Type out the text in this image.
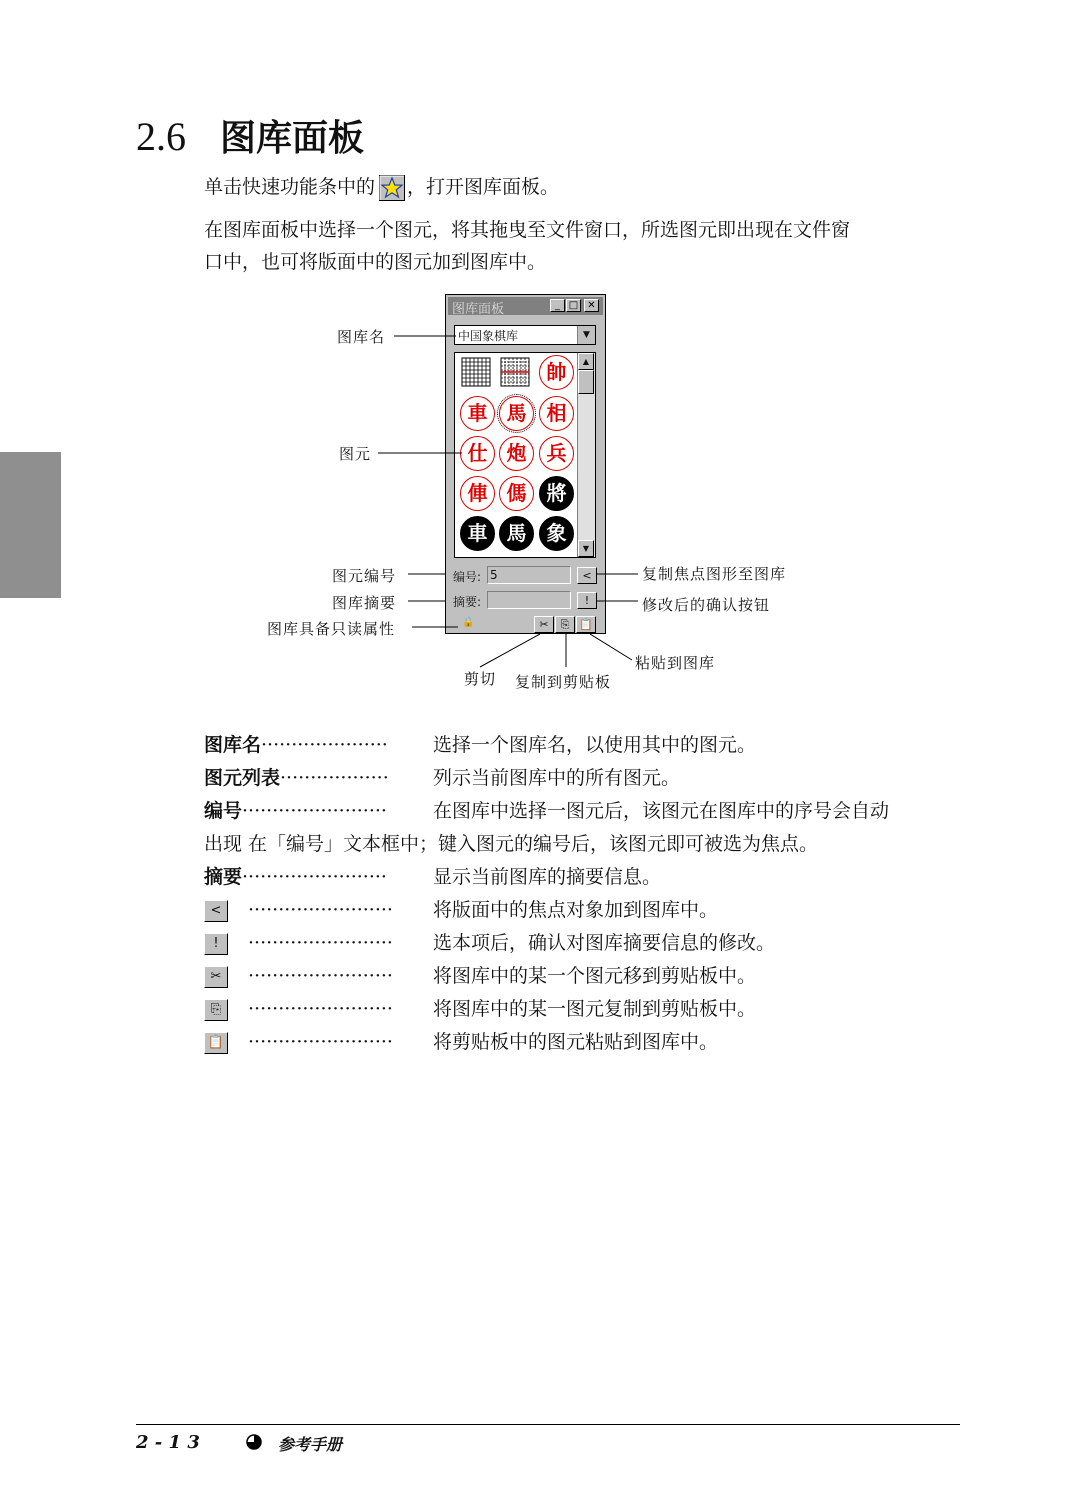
2.6 图库面板
单击快速功能条中的 ，打开图库面板。
在图库面板中选择一个图元，将其拖曳至文件窗口，所选图元即出现在文件窗
口中，也可将版面中的图元加到图库中。
图库面板	_ □ ✕
中国象棋库	▼
帥
車 馬	相
仕 炮	兵
俥 傌	將
車 馬	象
▲
▼
编号: 5	<
摘要:	!
🔒	✂	⎘ 📋
图库名
图元
图元编号
图库摘要
图库具备只读属性
复制焦点图形至图库
修改后的确认按钮
粘贴到图库
剪切 复制到剪贴板
图库名····················· 选择一个图库名，以使用其中的图元。
图元列表·················· 列示当前图库中的所有图元。
编号························ 在图库中选择一图元后，该图元在图库中的序号会自动
出现 在「编号」文本框中；键入图元的编号后，该图元即可被选为焦点。
摘要························ 显示当前图库的摘要信息。
< ························ 将版面中的焦点对象加到图库中。
! ························ 选本项后，确认对图库摘要信息的修改。
✂ ························ 将图库中的某一个图元移到剪贴板中。
⎘ ························ 将图库中的某一图元复制到剪贴板中。
📋 ························ 将剪贴板中的图元粘贴到图库中。
2 - 1 3	参考手册
